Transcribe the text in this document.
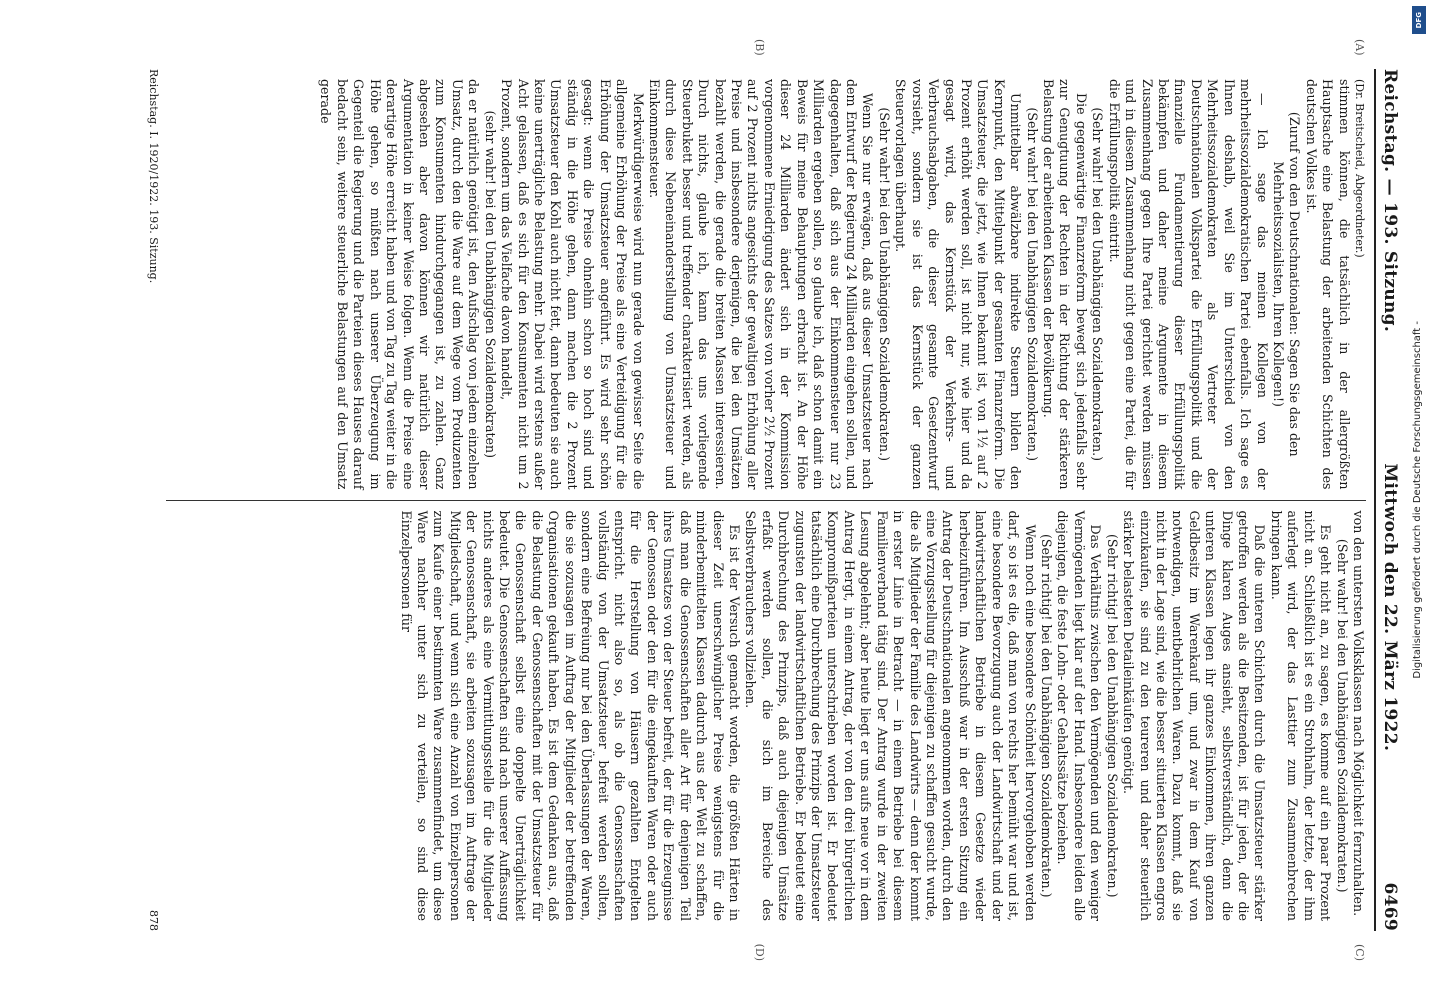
Reichstag. — 193. Sitzung.
Mittwoch den 22. März 1922.
6469
(A)
(B)

(Dr. Breitscheid, Abgeordneter.)

stimmen können, die tatsächlich in der allergrößten Hauptsache eine Belastung der arbeitenden Schichten des deutschen Volkes ist.

(Zuruf von den Deutschnationalen: Sagen Sie das den Mehrheitssozialisten, Ihren Kollegen!)

— Ich sage das meinen Kollegen von der mehrheitssozialdemokratischen Partei ebenfalls. Ich sage es Ihnen deshalb, weil Sie im Unterschied von den Mehrheitssozialdemokraten als Vertreter der Deutschnationalen Volkspartei die Erfüllungspolitik und die finanzielle Fundamentierung dieser Erfüllungspolitik bekämpfen und daher meine Argumente in diesem Zusammenhang gegen Ihre Partei gerichtet werden müssen und in diesem Zusammenhang nicht gegen eine Partei, die für die Erfüllungspolitik eintritt.

(Sehr wahr! bei den Unabhängigen Sozialdemokraten.)

Die gegenwärtige Finanzreform bewegt sich jedenfalls sehr zur Genugtuung der Rechten in der Richtung der stärkeren Belastung der arbeitenden Klassen der Bevölkerung.

(Sehr wahr! bei den Unabhängigen Sozialdemokraten.)

Unmittelbar abwälzbare indirekte Steuern bilden den Kernpunkt, den Mittelpunkt der gesamten Finanzreform. Die Umsatzsteuer, die jetzt, wie Ihnen bekannt ist, von 1½ auf 2 Prozent erhöht werden soll, ist nicht nur, wie hier und da gesagt wird, das Kernstück der Verkehrs- und Verbrauchsabgaben, die dieser gesamte Gesetzentwurf vorsieht, sondern sie ist das Kernstück der ganzen Steuervorlagen überhaupt.

(Sehr wahr! bei den Unabhängigen Sozialdemokraten.)

Wenn Sie nur erwägen, daß aus dieser Umsatzsteuer nach dem Entwurf der Regierung 24 Milliarden eingehen sollen, und dagegenhalten, daß sich aus der Einkommensteuer nur 23 Milliarden ergeben sollen, so glaube ich, daß schon damit ein Beweis für meine Behauptungen erbracht ist. An der Höhe dieser 24 Milliarden ändert sich in der Kommission vorgenommene Erniedrigung des Satzes von vorher 2½ Prozent auf 2 Prozent nichts angesichts der gewaltigen Erhöhung aller Preise und insbesondere derjenigen, die bei den Umsätzen bezahlt werden, die gerade die breiten Massen interessieren. Durch nichts, glaube ich, kann das uns vorliegende Steuerbukett besser und treffender charakterisiert werden, als durch diese Nebeneinanderstellung von Umsatzsteuer und Einkommensteuer.

Merkwürdigerweise wird nun gerade von gewisser Seite die allgemeine Erhöhung der Preise als eine Verteidigung für die Erhöhung der Umsatzsteuer angeführt. Es wird sehr schön gesagt: wenn die Preise ohnehin schon so hoch sind und ständig in die Höhe gehen, dann machen die 2 Prozent Umsatzsteuer den Kohl auch nicht fett, dann bedeuten sie auch keine unerträgliche Belastung mehr. Dabei wird erstens außer Acht gelassen, daß es sich für den Konsumenten nicht um 2 Prozent, sondern um das Vielfache davon handelt,

(sehr wahr! bei den Unabhängigen Sozialdemokraten)

da er natürlich genötigt ist, den Aufschlag von jedem einzelnen Umsatz, durch den die Ware auf dem Wege vom Produzenten zum Konsumenten hindurchgegangen ist, zu zahlen. Ganz abgesehen aber davon können wir natürlich dieser Argumentation in keiner Weise folgen. Wenn die Preise eine derartige Höhe erreicht haben und von Tag zu Tag weiter in die Höhe gehen, so müßten nach unserer Überzeugung im Gegenteil die Regierung und die Parteien dieses Hauses darauf bedacht sein, weitere steuerliche Belastungen auf den Umsatz gerade

(C)
(D)

von den untersten Volksklassen nach Möglichkeit fernzuhalten.

(Sehr wahr! bei den Unabhängigen Sozialdemokraten.)

Es geht nicht an, zu sagen, es komme auf ein paar Prozent nicht an. Schließlich ist es ein Strohhalm, der letzte, der ihm auferlegt wird, der das Lasttier zum Zusammenbrechen bringen kann.

Daß die unteren Schichten durch die Umsatzsteuer stärker getroffen werden als die Besitzenden, ist für jeden, der die Dinge klaren Auges ansieht, selbstverständlich, denn die unteren Klassen legen ihr ganzes Einkommen, ihren ganzen Geldbesitz im Warenkauf um, und zwar in dem Kauf von notwendigen, unentbehrlichen Waren. Dazu kommt, daß sie nicht in der Lage sind, wie die besser situierten Klassen engros einzukaufen, sie sind zu den teureren und daher steuerlich stärker belasteten Detaileinkäufen genötigt.

(Sehr richtig! bei den Unabhängigen Sozialdemokraten.)

Das Verhältnis zwischen den Vermögenden und den weniger Vermögenden liegt klar auf der Hand. Insbesondere leiden alle diejenigen, die feste Lohn- oder Gehaltssätze beziehen.

(Sehr richtig! bei den Unabhängigen Sozialdemokraten.)

Wenn noch eine besondere Schönheit hervorgehoben werden darf, so ist es die, daß man von rechts her bemüht war und ist, eine besondere Bevorzugung auch der Landwirtschaft und der landwirtschaftlichen Betriebe in diesem Gesetze wieder herbeizuführen. Im Ausschuß war in der ersten Sitzung ein Antrag der Deutschnationalen angenommen worden, durch den eine Vorzugsstellung für diejenigen zu schaffen gesucht wurde, die als Mitglieder der Familie des Landwirts — denn der kommt in erster Linie in Betracht — in einem Betriebe bei diesem Familienverband tätig sind. Der Antrag wurde in der zweiten Lesung abgelehnt; aber heute liegt er uns aufs neue vor in dem Antrag Hergt, in einem Antrag, der von den drei bürgerlichen Kompromißparteien unterschrieben worden ist. Er bedeutet tatsächlich eine Durchbrechung des Prinzips der Umsatzsteuer zugunsten der landwirtschaftlichen Betriebe. Er bedeutet eine Durchbrechung des Prinzips, daß auch diejenigen Umsätze erfaßt werden sollen, die sich im Bereiche des Selbstverbrauchers vollziehen.

Es ist der Versuch gemacht worden, die größten Härten in dieser Zeit unerschwinglicher Preise wenigstens für die minderbemittelten Klassen dadurch aus der Welt zu schaffen, daß man die Genossenschaften aller Art für denjenigen Teil ihres Umsatzes von der Steuer befreit, der für die Erzeugnisse der Genossen oder den für die eingekauften Waren oder auch für die Herstellung von Häusern gezahlten Entgelten entspricht. nicht also so, als ob die Genossenschaften vollständig von der Umsatzsteuer befreit werden sollten, sondern eine Befreiung nur bei den Überlassungen der Waren, die sie sozusagen im Auftrag der Mitglieder der betreffenden Organisationen gekauft haben. Es ist dem Gedanken aus, daß die Belastung der Genossenschaften mit der Umsatzsteuer für die Genossenschaft selbst eine doppelte Unerträglichkeit bedeutet. Die Genossenschaften sind nach unserer Auffassung nichts anderes als eine Vermittlungsstelle für die Mitglieder der Genossenschaft, sie arbeiten sozusagen im Auftrage der Mitgliedschaft, und wenn sich eine Anzahl von Einzelpersonen zum Kaufe einer bestimmten Ware zusammenfindet, um diese Ware nachher unter sich zu verteilen, so sind diese Einzelpersonen für

Reichstag. I. 1920/1922. 193. Sitzung.
878
DFG
Digitalisierung gefördert durch die Deutsche Forschungsgemeinschaft -
